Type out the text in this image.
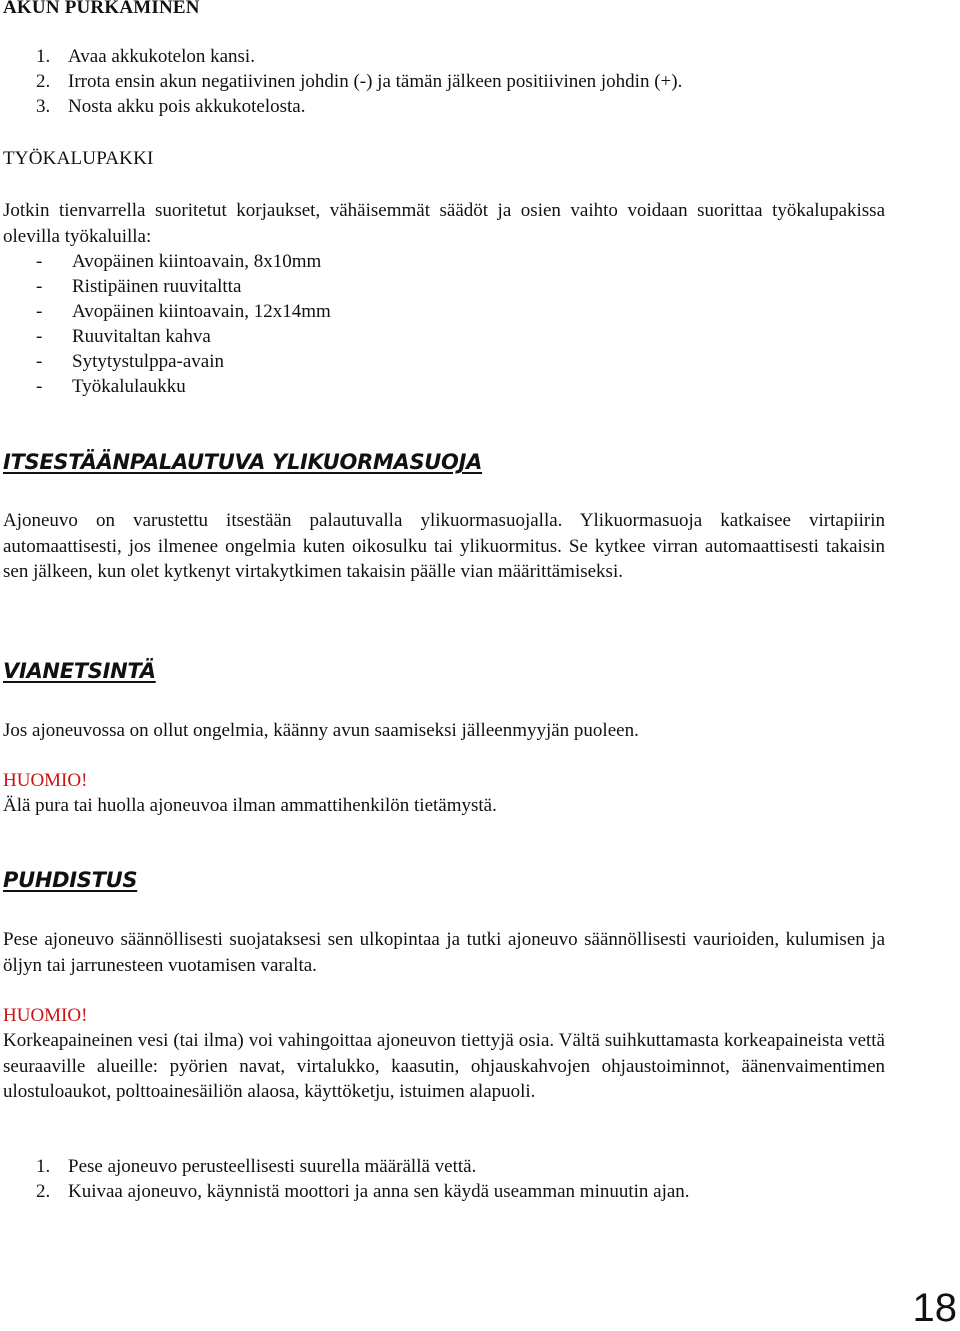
AKUN PURKAMINEN
1. Avaa akkukotelon kansi.
2. Irrota ensin akun negatiivinen johdin (-) ja tämän jälkeen positiivinen johdin (+).
3. Nosta akku pois akkukotelosta.
TYÖKALUPAKKI

Jotkin tienvarrella suoritetut korjaukset, vähäisemmät säädöt ja osien vaihto voidaan suorittaa työkalupakissa olevilla työkaluilla:

- Avopäinen kiintoavain, 8x10mm
- Ristipäinen ruuvitaltta
- Avopäinen kiintoavain, 12x14mm
- Ruuvitaltan kahva
- Sytytystulppa-avain
- Työkalulaukku
ITSESTÄÄNPALAUTUVA YLIKUORMASUOJA

Ajoneuvo on varustettu itsestään palautuvalla ylikuormasuojalla. Ylikuormasuoja katkaisee virtapiirin automaattisesti, jos ilmenee ongelmia kuten oikosulku tai ylikuormitus. Se kytkee virran automaattisesti takaisin sen jälkeen, kun olet kytkenyt virtakytkimen takaisin päälle vian määrittämiseksi.

VIANETSINTÄ

Jos ajoneuvossa on ollut ongelmia, käänny avun saamiseksi jälleenmyyjän puoleen.

HUOMIO!

Älä pura tai huolla ajoneuvoa ilman ammattihenkilön tietämystä.

PUHDISTUS

Pese ajoneuvo säännöllisesti suojataksesi sen ulkopintaa ja tutki ajoneuvo säännöllisesti vaurioiden, kulumisen ja öljyn tai jarrunesteen vuotamisen varalta.

HUOMIO!

Korkeapaineinen vesi (tai ilma) voi vahingoittaa ajoneuvon tiettyjä osia. Vältä suihkuttamasta korkeapaineista vettä seuraaville alueille: pyörien navat, virtalukko, kaasutin, ohjauskahvojen ohjaustoiminnot, äänenvaimentimen ulostuloaukot, polttoainesäiliön alaosa, käyttöketju, istuimen alapuoli.

1. Pese ajoneuvo perusteellisesti suurella määrällä vettä.
2. Kuivaa ajoneuvo, käynnistä moottori ja anna sen käydä useamman minuutin ajan.
18
